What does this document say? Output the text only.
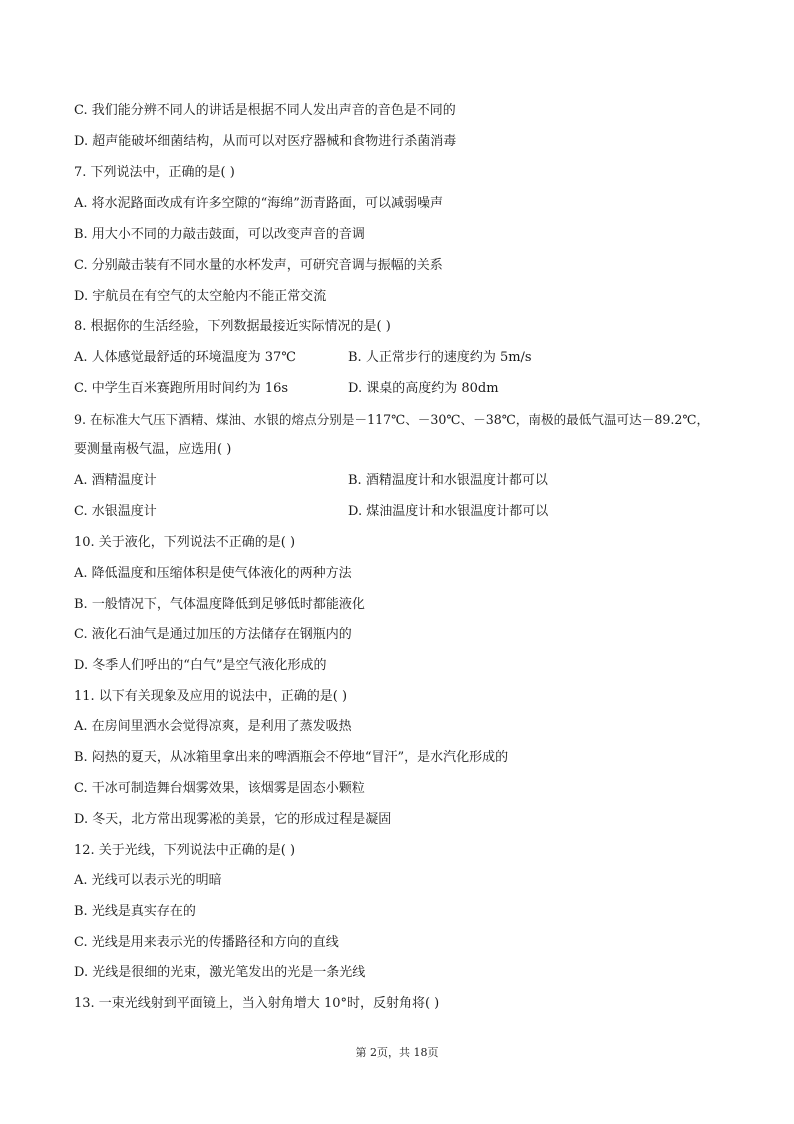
C. 我们能分辨不同人的讲话是根据不同人发出声音的音色是不同的
D. 超声能破坏细菌结构，从而可以对医疗器械和食物进行杀菌消毒
7. 下列说法中，正确的是( )
A. 将水泥路面改成有许多空隙的“海绵”沥青路面，可以减弱噪声
B. 用大小不同的力敲击鼓面，可以改变声音的音调
C. 分别敲击装有不同水量的水杯发声，可研究音调与振幅的关系
D. 宇航员在有空气的太空舱内不能正常交流
8. 根据你的生活经验，下列数据最接近实际情况的是( )
A. 人体感觉最舒适的环境温度为 37℃	B. 人正常步行的速度约为 5m/s
C. 中学生百米赛跑所用时间约为 16s	D. 课桌的高度约为 80dm
9. 在标准大气压下酒精、煤油、水银的熔点分别是－117℃、－30℃、－38℃，南极的最低气温可达－89.2℃，
要测量南极气温，应选用( )
A. 酒精温度计	B. 酒精温度计和水银温度计都可以
C. 水银温度计	D. 煤油温度计和水银温度计都可以
10. 关于液化，下列说法不正确的是( )
A. 降低温度和压缩体积是使气体液化的两种方法
B. 一般情况下，气体温度降低到足够低时都能液化
C. 液化石油气是通过加压的方法储存在钢瓶内的
D. 冬季人们呼出的“白气”是空气液化形成的
11. 以下有关现象及应用的说法中，正确的是( )
A. 在房间里洒水会觉得凉爽，是利用了蒸发吸热
B. 闷热的夏天，从冰箱里拿出来的啤酒瓶会不停地“冒汗”，是水汽化形成的
C. 干冰可制造舞台烟雾效果，该烟雾是固态小颗粒
D. 冬天，北方常出现雾凇的美景，它的形成过程是凝固
12. 关于光线，下列说法中正确的是( )
A. 光线可以表示光的明暗
B. 光线是真实存在的
C. 光线是用来表示光的传播路径和方向的直线
D. 光线是很细的光束，激光笔发出的光是一条光线
13. 一束光线射到平面镜上，当入射角增大 10°时，反射角将( )
第 2页，共 18页
